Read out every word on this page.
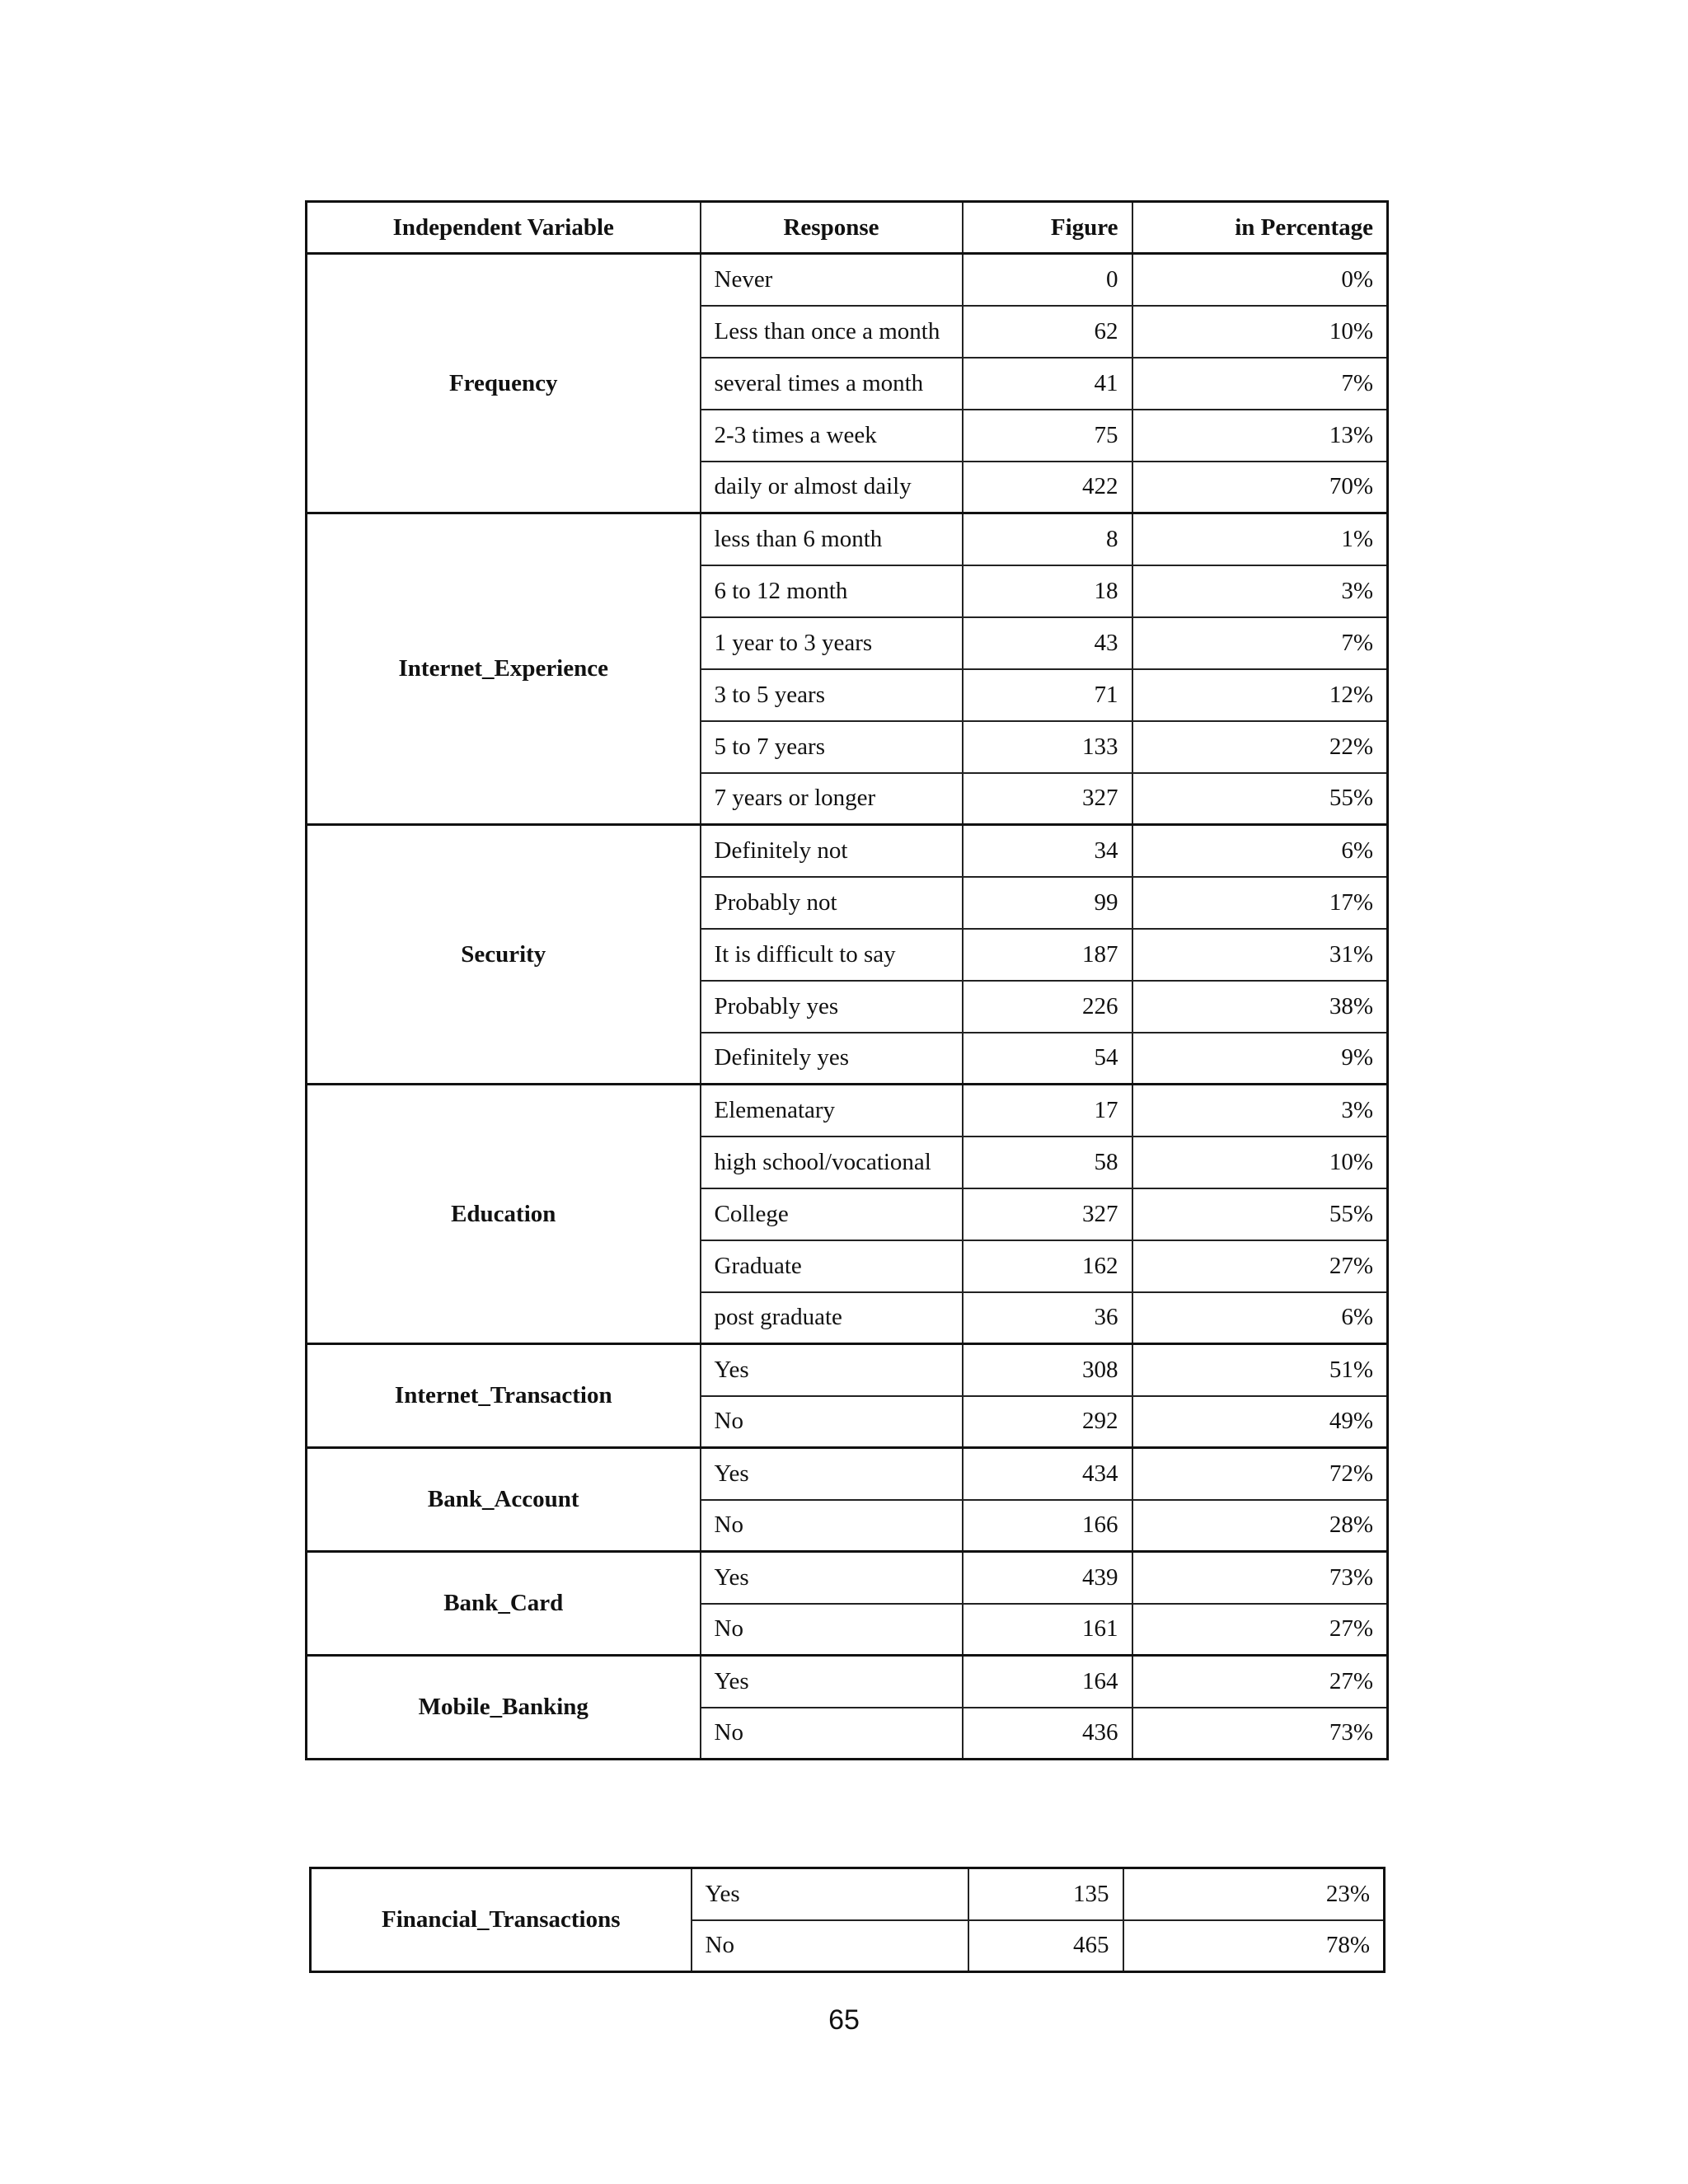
Independent Variable	Response	Figure	in Percentage
Frequency	Never	0	0%
	Less than once a month	62	10%
	several times a month	41	7%
	2-3 times a week	75	13%
	daily or almost daily	422	70%
Internet_Experience	less than 6 month	8	1%
	6 to 12 month	18	3%
	1 year to 3 years	43	7%
	3 to 5 years	71	12%
	5 to 7 years	133	22%
	7 years or longer	327	55%
Security	Definitely not	34	6%
	Probably not	99	17%
	It is difficult to say	187	31%
	Probably yes	226	38%
	Definitely yes	54	9%
Education	Elemenatary	17	3%
	high school/vocational	58	10%
	College	327	55%
	Graduate	162	27%
	post graduate	36	6%
Internet_Transaction	Yes	308	51%
	No	292	49%
Bank_Account	Yes	434	72%
	No	166	28%
Bank_Card	Yes	439	73%
	No	161	27%
Mobile_Banking	Yes	164	27%
	No	436	73%
Financial_Transactions	Yes	135	23%
	No	465	78%
65
